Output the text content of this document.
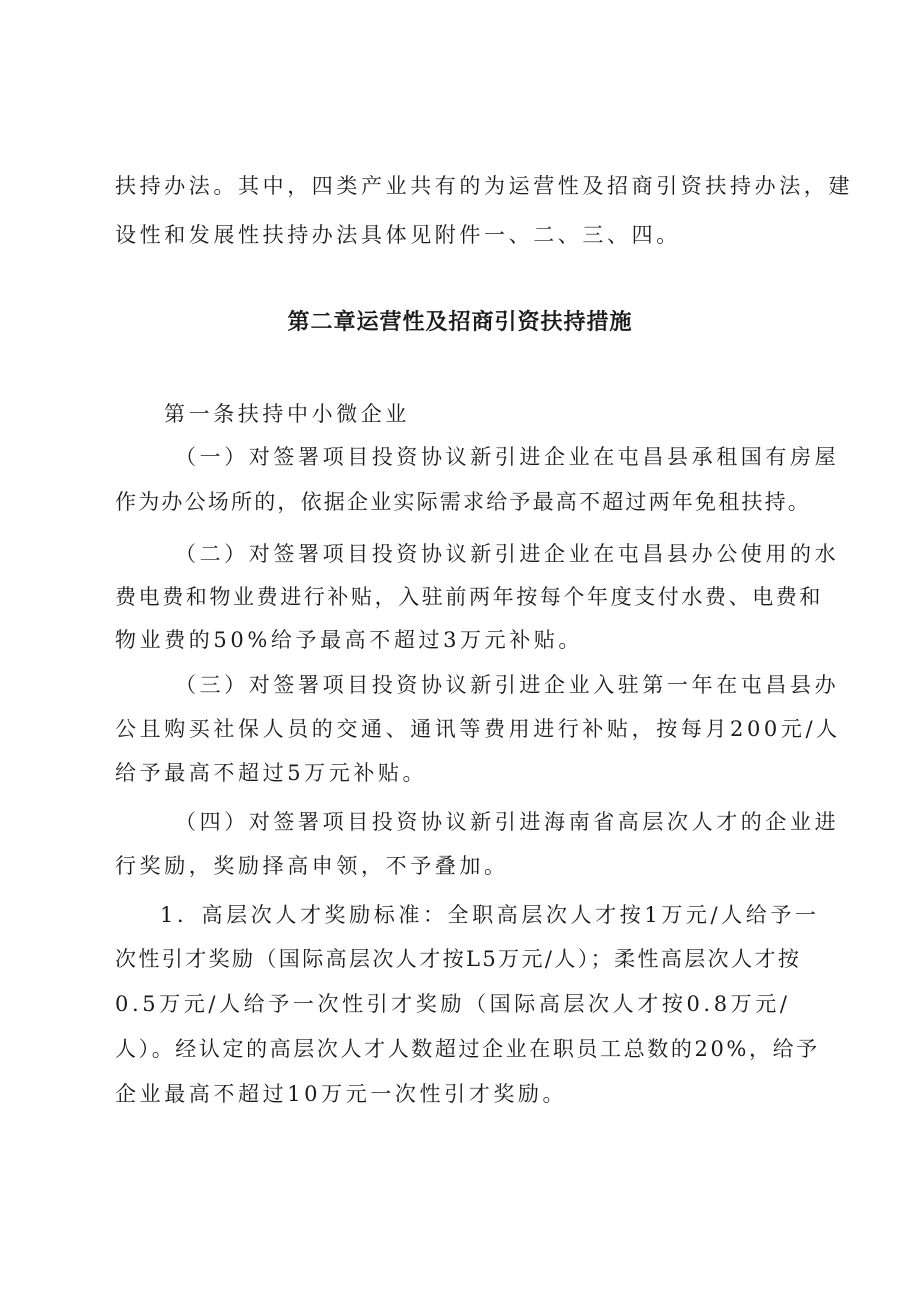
扶持办法。其中，四类产业共有的为运营性及招商引资扶持办法，建
设性和发展性扶持办法具体见附件一、二、三、四。
第二章运营性及招商引资扶持措施
第一条扶持中小微企业
（一）对签署项目投资协议新引进企业在屯昌县承租国有房屋
作为办公场所的，依据企业实际需求给予最高不超过两年免租扶持。
（二）对签署项目投资协议新引进企业在屯昌县办公使用的水
费电费和物业费进行补贴，入驻前两年按每个年度支付水费、电费和
物业费的50%给予最高不超过3万元补贴。
（三）对签署项目投资协议新引进企业入驻第一年在屯昌县办
公且购买社保人员的交通、通讯等费用进行补贴，按每月200元/人
给予最高不超过5万元补贴。
（四）对签署项目投资协议新引进海南省高层次人才的企业进
行奖励，奖励择高申领，不予叠加。
1．高层次人才奖励标准：全职高层次人才按1万元/人给予一
次性引才奖励（国际高层次人才按L5万元/人）；柔性高层次人才按
0.5万元/人给予一次性引才奖励（国际高层次人才按0.8万元/
人）。经认定的高层次人才人数超过企业在职员工总数的20%，给予
企业最高不超过10万元一次性引才奖励。
